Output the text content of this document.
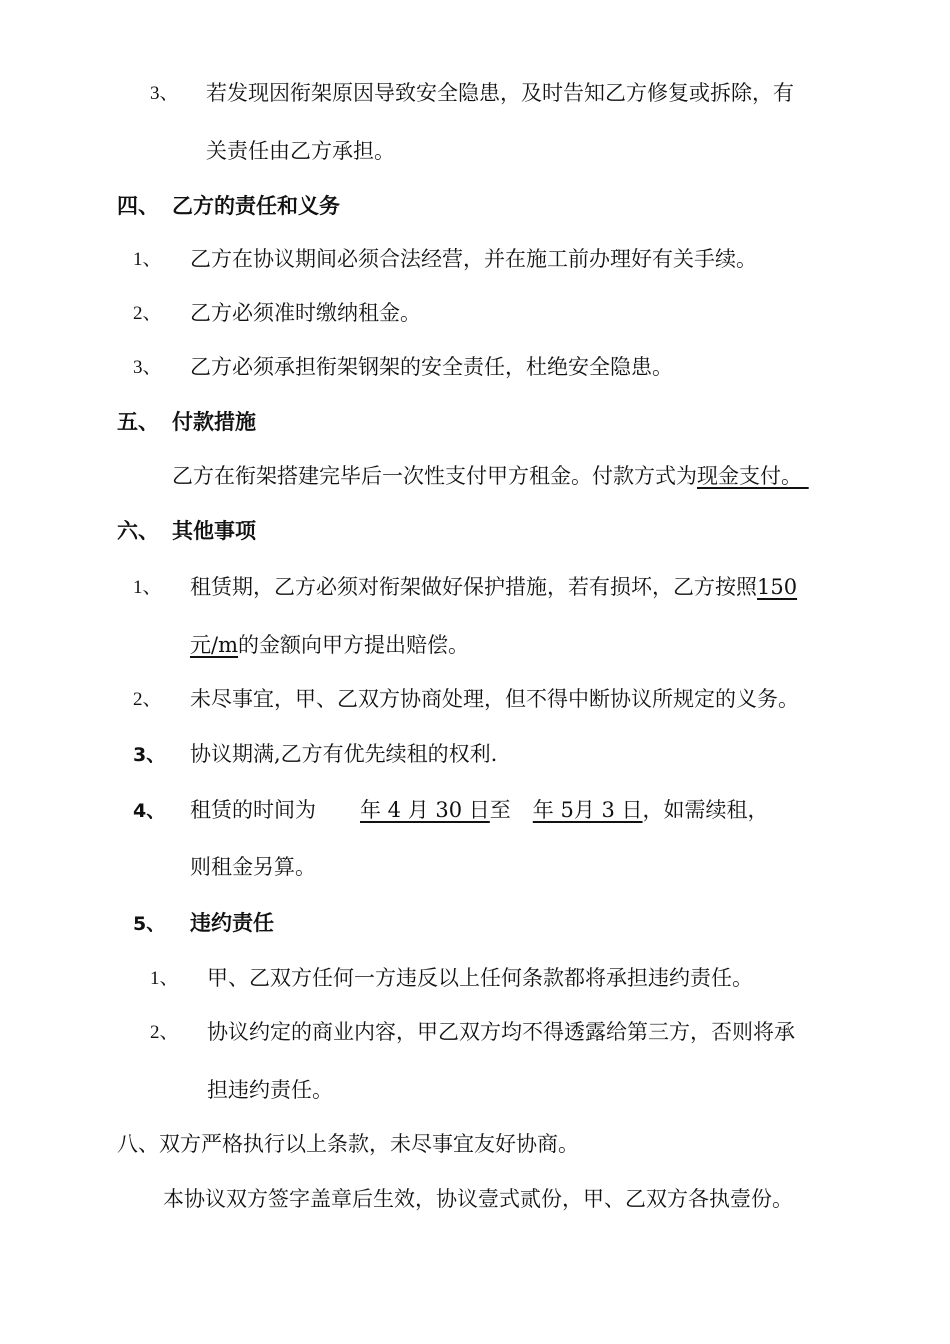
3、 若发现因衔架原因导致安全隐患，及时告知乙方修复或拆除，有
关责任由乙方承担。
四、 乙方的责任和义务
1、 乙方在协议期间必须合法经营，并在施工前办理好有关手续。
2、 乙方必须准时缴纳租金。
3、 乙方必须承担衔架钢架的安全责任，杜绝安全隐患。
五、 付款措施
乙方在衔架搭建完毕后一次性支付甲方租金。付款方式为现金支付。
六、 其他事项
1、 租赁期，乙方必须对衔架做好保护措施，若有损坏，乙方按照150
元/m的金额向甲方提出赔偿。
2、 未尽事宜，甲、乙双方协商处理，但不得中断协议所规定的义务。
3、 协议期满,乙方有优先续租的权利.
4、 租赁的时间为 年 4 月 30 日至 年 5月 3 日，如需续租，
则租金另算。
5、 违约责任
1、 甲、乙双方任何一方违反以上任何条款都将承担违约责任。
2、 协议约定的商业内容，甲乙双方均不得透露给第三方，否则将承
担违约责任。
八、双方严格执行以上条款，未尽事宜友好协商。
本协议双方签字盖章后生效，协议壹式贰份，甲、乙双方各执壹份。
